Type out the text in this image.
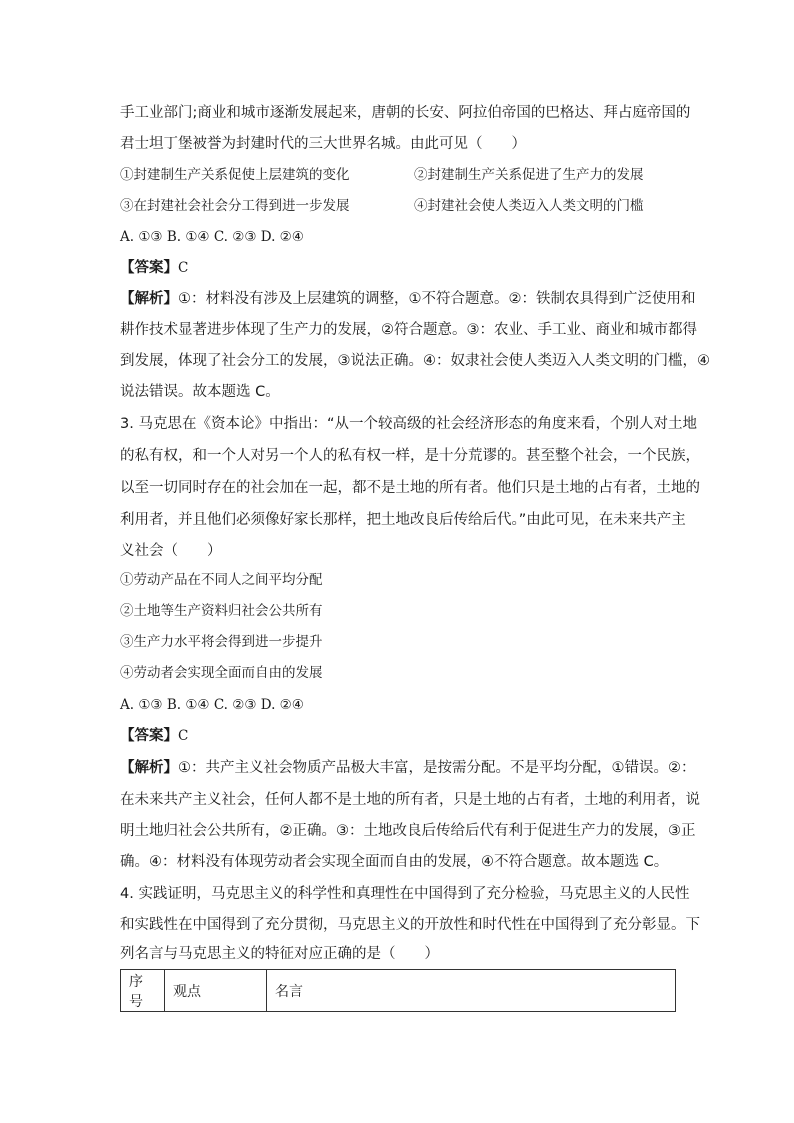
手工业部门;商业和城市逐渐发展起来，唐朝的长安、阿拉伯帝国的巴格达、拜占庭帝国的
君士坦丁堡被誉为封建时代的三大世界名城。由此可见（　　）
①封建制生产关系促使上层建筑的变化	②封建制生产关系促进了生产力的发展
③在封建社会社会分工得到进一步发展	④封建社会使人类迈入人类文明的门槛
A. ①③ B. ①④ C. ②③ D. ②④
【答案】C
【解析】①：材料没有涉及上层建筑的调整，①不符合题意。②：铁制农具得到广泛使用和
耕作技术显著进步体现了生产力的发展，②符合题意。③：农业、手工业、商业和城市都得
到发展，体现了社会分工的发展，③说法正确。④：奴隶社会使人类迈入人类文明的门槛，④
说法错误。故本题选 C。
3. 马克思在《资本论》中指出：“从一个较高级的社会经济形态的角度来看，个别人对土地
的私有权，和一个人对另一个人的私有权一样，是十分荒谬的。甚至整个社会，一个民族，
以至一切同时存在的社会加在一起，都不是土地的所有者。他们只是土地的占有者，土地的
利用者，并且他们必须像好家长那样，把土地改良后传给后代。”由此可见，在未来共产主
义社会（　　）
①劳动产品在不同人之间平均分配
②土地等生产资料归社会公共所有
③生产力水平将会得到进一步提升
④劳动者会实现全面而自由的发展
A. ①③ B. ①④ C. ②③ D. ②④
【答案】C
【解析】①：共产主义社会物质产品极大丰富，是按需分配。不是平均分配，①错误。②：
在未来共产主义社会，任何人都不是土地的所有者，只是土地的占有者，土地的利用者，说
明土地归社会公共所有，②正确。③：土地改良后传给后代有利于促进生产力的发展，③正
确。④：材料没有体现劳动者会实现全面而自由的发展，④不符合题意。故本题选 C。
4. 实践证明，马克思主义的科学性和真理性在中国得到了充分检验，马克思主义的人民性
和实践性在中国得到了充分贯彻，马克思主义的开放性和时代性在中国得到了充分彰显。下
列名言与马克思主义的特征对应正确的是（　　）
序号	观点	名言
